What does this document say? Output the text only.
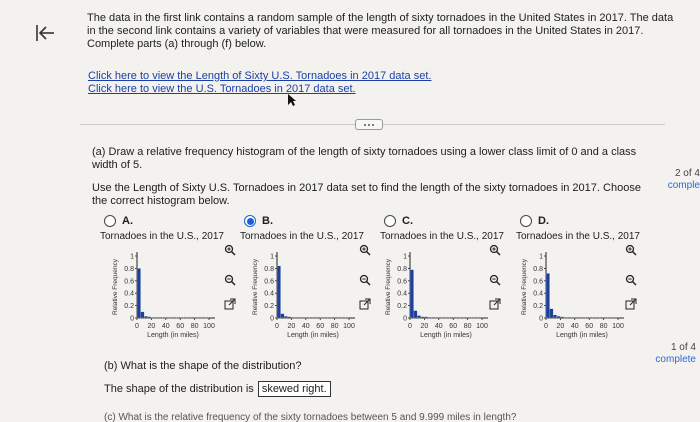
The data in the first link contains a random sample of the length of sixty tornadoes in the United States in 2017. The data in the second link contains a variety of variables that were measured for all tornadoes in the United States in 2017. Complete parts (a) through (f) below.
Click here to view the Length of Sixty U.S. Tornadoes in 2017 data set.
Click here to view the U.S. Tornadoes in 2017 data set.
(a) Draw a relative frequency histogram of the length of sixty tornadoes using a lower class limit of 0 and a class width of 5.
Use the Length of Sixty U.S. Tornadoes in 2017 data set to find the length of the sixty tornadoes in 2017. Choose the correct histogram below.
A.
Tornadoes in the U.S., 2017
B.
Tornadoes in the U.S., 2017
C.
Tornadoes in the U.S., 2017
D.
Tornadoes in the U.S., 2017
0
0.2
0.4
0.6
0.8
1
0 20 40 60 80 100
Length (in miles)
Relative Frequency
0
0.2
0.4
0.6
0.8
1
0 20 40 60 80 100
Length (in miles)
Relative Frequency
0
0.2
0.4
0.6
0.8
1
0 20 40 60 80 100
Length (in miles)
Relative Frequency
0
0.2
0.4
0.6
0.8
1
0 20 40 60 80 100
Length (in miles)
Relative Frequency
2 of 4
comple
1 of 4
complete
(b) What is the shape of the distribution?
The shape of the distribution is skewed right.
(c) What is the relative frequency of the sixty tornadoes between 5 and 9.999 miles in length?
